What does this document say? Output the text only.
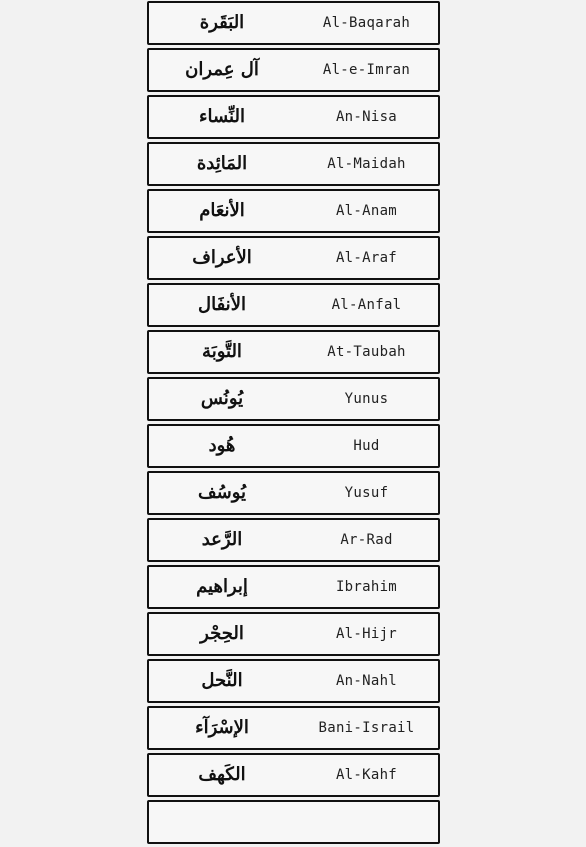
البَقَرة	Al-Baqarah
آل عِمران	Al-e-Imran
النِّساء	An-Nisa
المَائِدة	Al-Maidah
الأنعَام	Al-Anam
الأعراف	Al-Araf
الأنفَال	Al-Anfal
التَّوبَة	At-Taubah
يُونُس	Yunus
هُود	Hud
يُوسُف	Yusuf
الرَّعد	Ar-Rad
إبراهيم	Ibrahim
الحِجْر	Al-Hijr
النَّحل	An-Nahl
الإسْرَآء	Bani-Israil
الكَهف	Al-Kahf
